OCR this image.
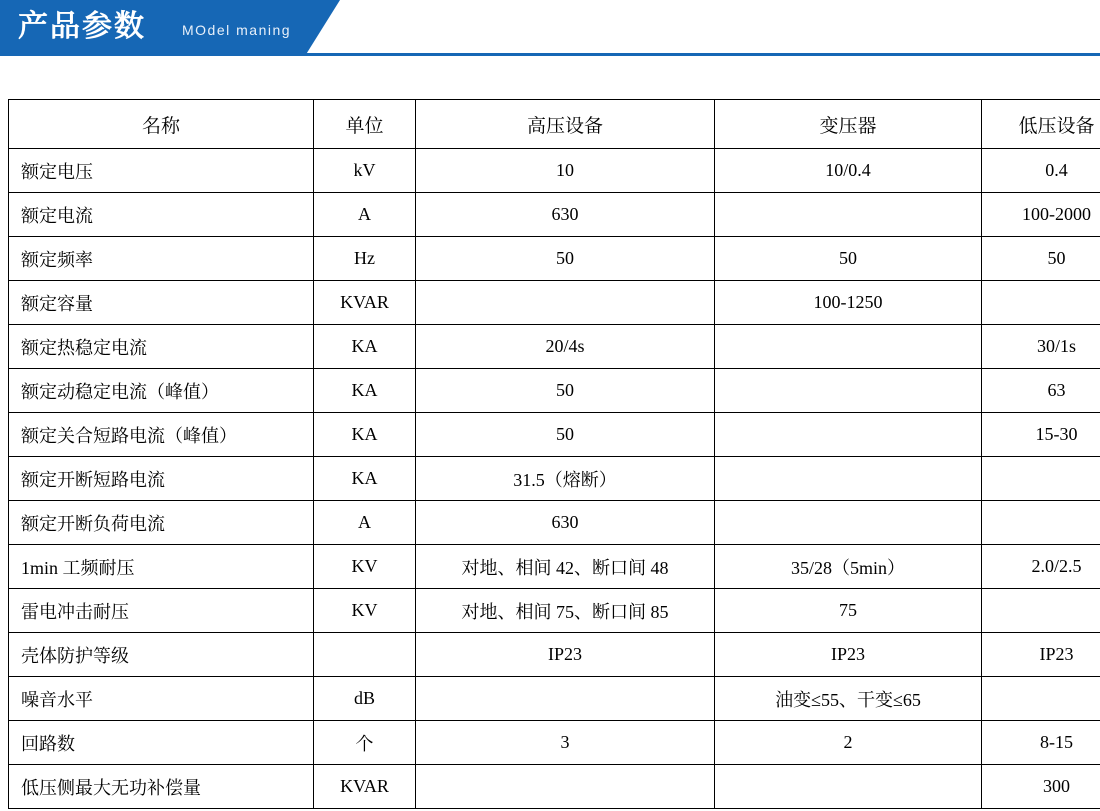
产品参数	MOdel maning
名称	单位	高压设备	变压器	低压设备
额定电压	kV	10	10/0.4	0.4
额定电流	A	630		100-2000
额定频率	Hz	50	50	50
额定容量	KVAR		100-1250	
额定热稳定电流	KA	20/4s		30/1s
额定动稳定电流（峰值）	KA	50		63
额定关合短路电流（峰值）	KA	50		15-30
额定开断短路电流	KA	31.5（熔断）		
额定开断负荷电流	A	630		
1min 工频耐压	KV	对地、相间 42、断口间 48	35/28（5min）	2.0/2.5
雷电冲击耐压	KV	对地、相间 75、断口间 85	75	
壳体防护等级		IP23	IP23	IP23
噪音水平	dB		油变≤55、干变≤65	
回路数	个	3	2	8-15
低压侧最大无功补偿量	KVAR			300
